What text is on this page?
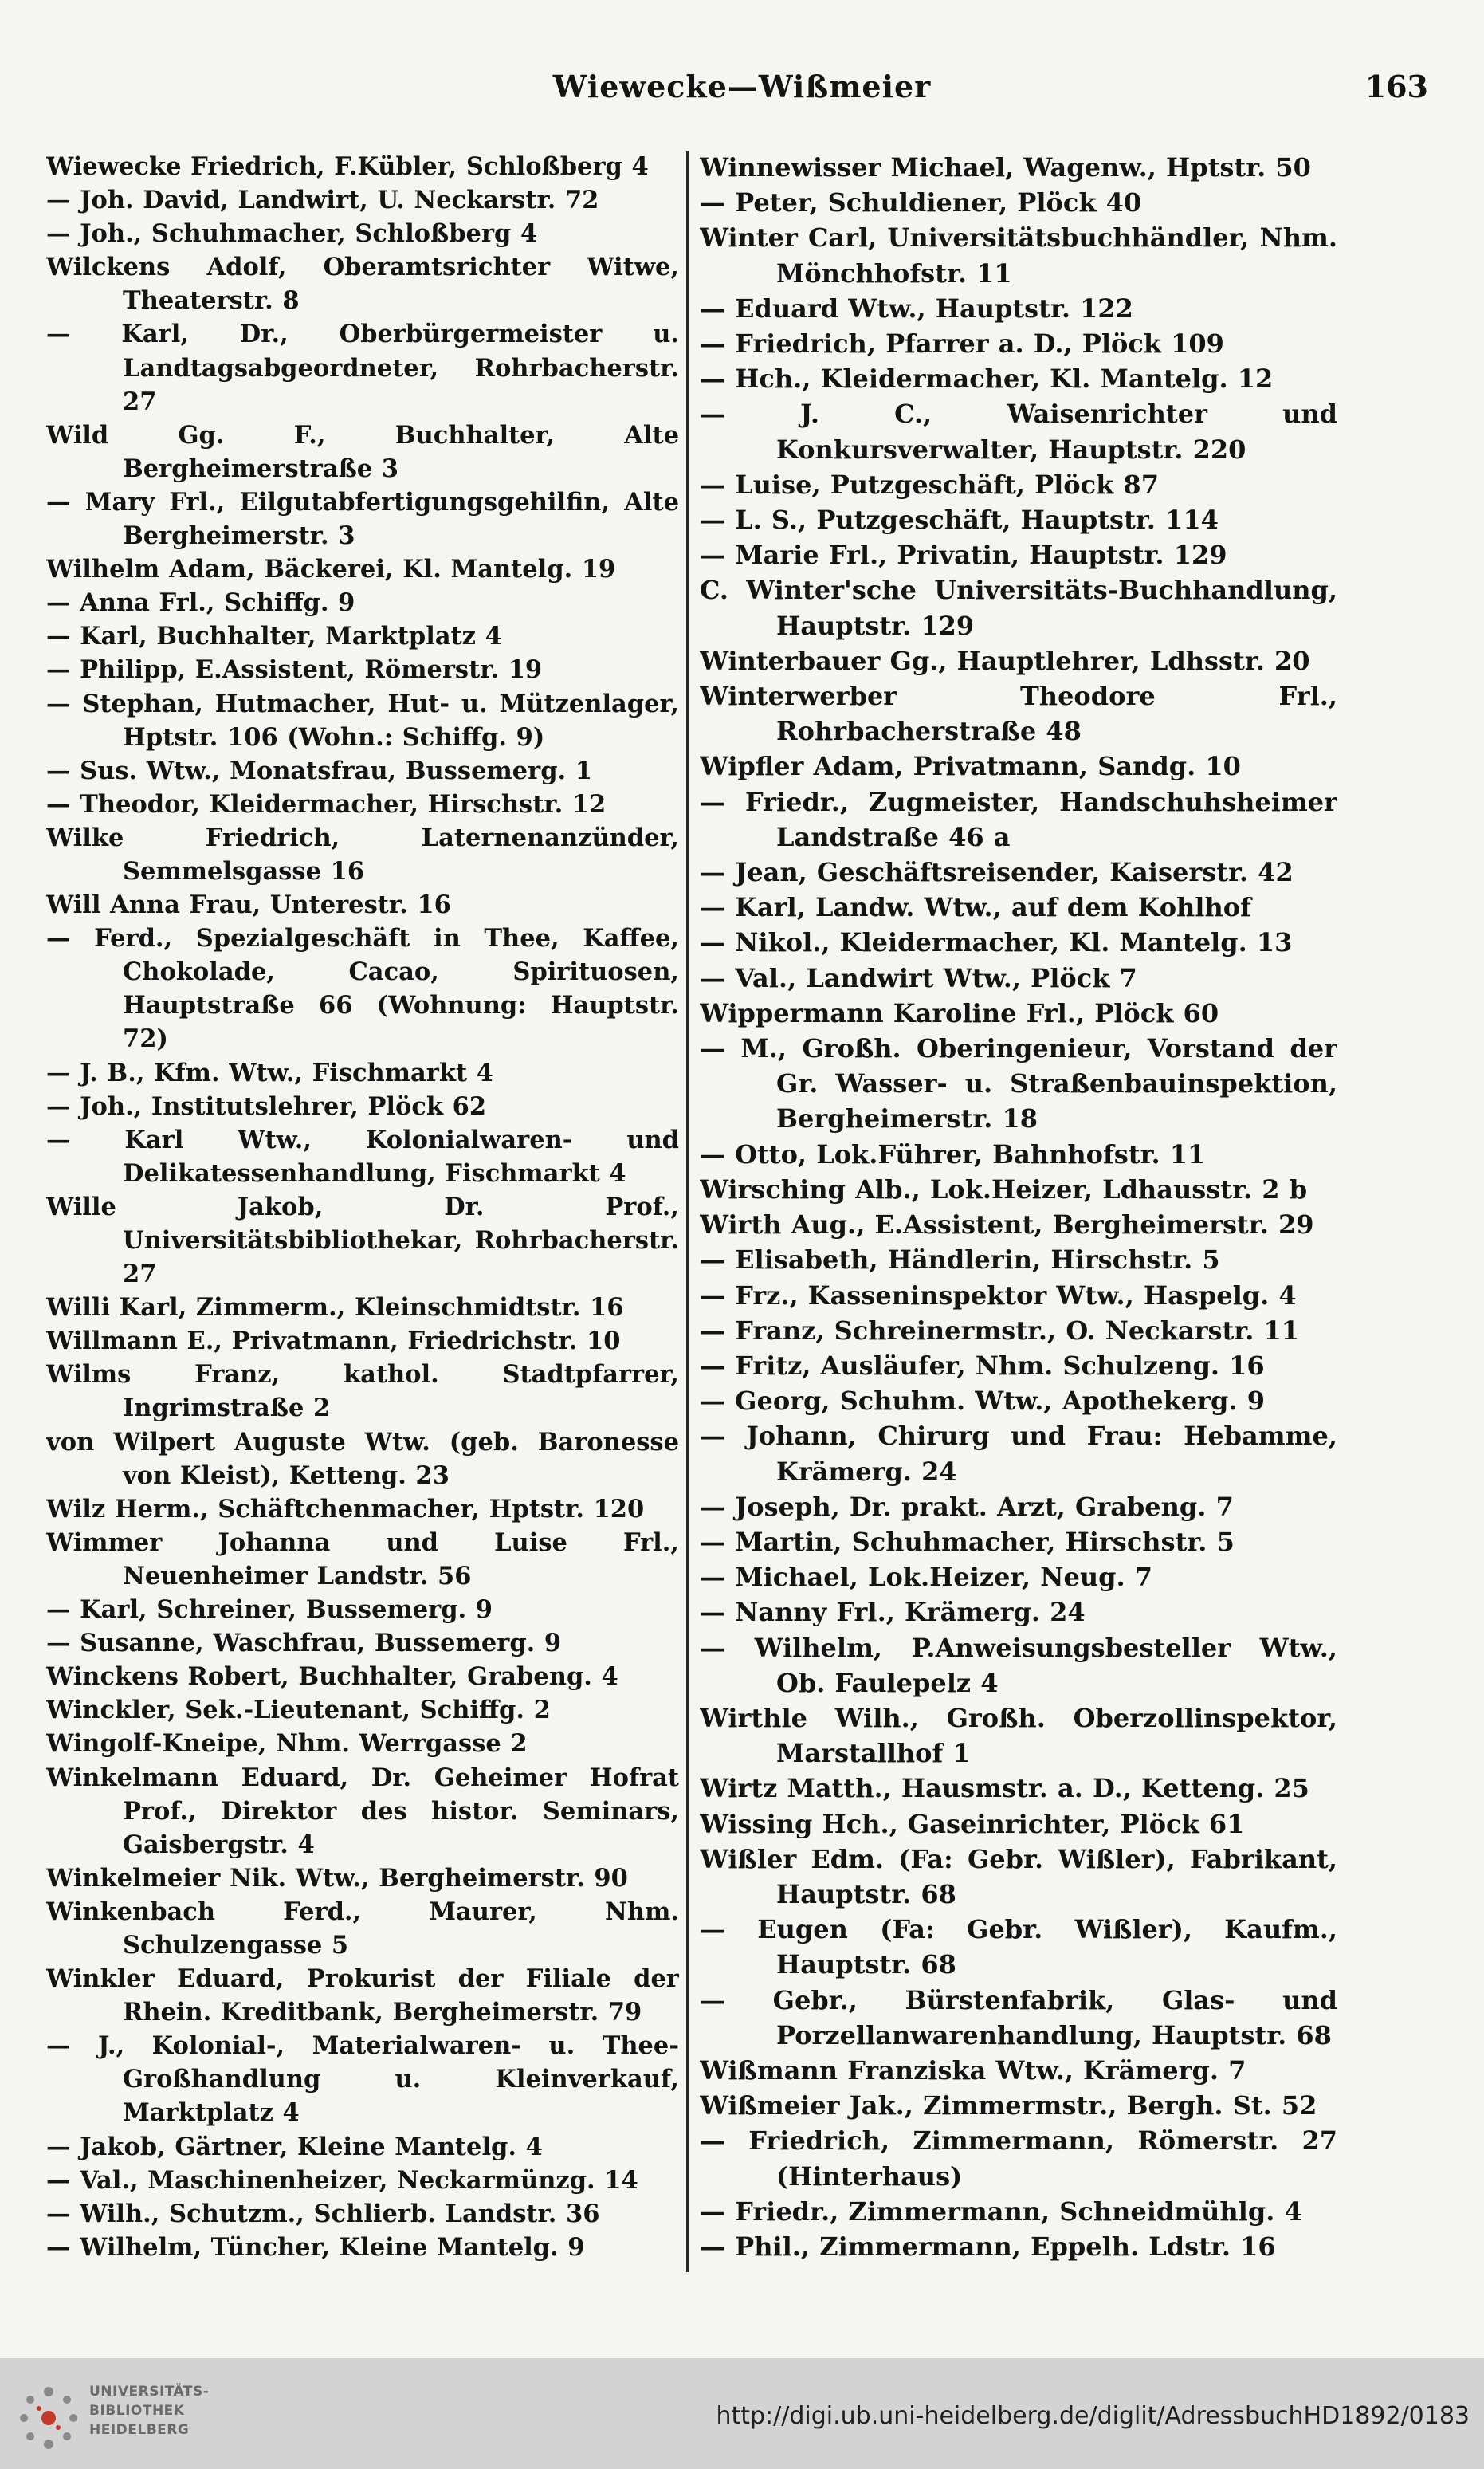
Wiewecke—Wißmeier	163
Wiewecke Friedrich, F.Kübler, Schloßberg 4
— Joh. David, Landwirt, U. Neckarstr. 72
— Joh., Schuhmacher, Schloßberg 4
Wilckens Adolf, Oberamtsrichter Witwe, Theaterstr. 8
— Karl, Dr., Oberbürgermeister u. Landtagsabgeordneter, Rohrbacherstr. 27
Wild Gg. F., Buchhalter, Alte Bergheimerstraße 3
— Mary Frl., Eilgutabfertigungsgehilfin, Alte Bergheimerstr. 3
Wilhelm Adam, Bäckerei, Kl. Mantelg. 19
— Anna Frl., Schiffg. 9
— Karl, Buchhalter, Marktplatz 4
— Philipp, E.Assistent, Römerstr. 19
— Stephan, Hutmacher, Hut- u. Mützenlager, Hptstr. 106 (Wohn.: Schiffg. 9)
— Sus. Wtw., Monatsfrau, Bussemerg. 1
— Theodor, Kleidermacher, Hirschstr. 12
Wilke Friedrich, Laternenanzünder, Semmelsgasse 16
Will Anna Frau, Unterestr. 16
— Ferd., Spezialgeschäft in Thee, Kaffee, Chokolade, Cacao, Spirituosen, Hauptstraße 66 (Wohnung: Hauptstr. 72)
— J. B., Kfm. Wtw., Fischmarkt 4
— Joh., Institutslehrer, Plöck 62
— Karl Wtw., Kolonialwaren- und Delikatessenhandlung, Fischmarkt 4
Wille Jakob, Dr. Prof., Universitätsbibliothekar, Rohrbacherstr. 27
Willi Karl, Zimmerm., Kleinschmidtstr. 16
Willmann E., Privatmann, Friedrichstr. 10
Wilms Franz, kathol. Stadtpfarrer, Ingrimstraße 2
von Wilpert Auguste Wtw. (geb. Baronesse von Kleist), Ketteng. 23
Wilz Herm., Schäftchenmacher, Hptstr. 120
Wimmer Johanna und Luise Frl., Neuenheimer Landstr. 56
— Karl, Schreiner, Bussemerg. 9
— Susanne, Waschfrau, Bussemerg. 9
Winckens Robert, Buchhalter, Grabeng. 4
Winckler, Sek.-Lieutenant, Schiffg. 2
Wingolf-Kneipe, Nhm. Werrgasse 2
Winkelmann Eduard, Dr. Geheimer Hofrat Prof., Direktor des histor. Seminars, Gaisbergstr. 4
Winkelmeier Nik. Wtw., Bergheimerstr. 90
Winkenbach Ferd., Maurer, Nhm. Schulzengasse 5
Winkler Eduard, Prokurist der Filiale der Rhein. Kreditbank, Bergheimerstr. 79
— J., Kolonial-, Materialwaren- u. Thee-Großhandlung u. Kleinverkauf, Marktplatz 4
— Jakob, Gärtner, Kleine Mantelg. 4
— Val., Maschinenheizer, Neckarmünzg. 14
— Wilh., Schutzm., Schlierb. Landstr. 36
— Wilhelm, Tüncher, Kleine Mantelg. 9
Winnewisser Michael, Wagenw., Hptstr. 50
— Peter, Schuldiener, Plöck 40
Winter Carl, Universitätsbuchhändler, Nhm. Mönchhofstr. 11
— Eduard Wtw., Hauptstr. 122
— Friedrich, Pfarrer a. D., Plöck 109
— Hch., Kleidermacher, Kl. Mantelg. 12
— J. C., Waisenrichter und Konkursverwalter, Hauptstr. 220
— Luise, Putzgeschäft, Plöck 87
— L. S., Putzgeschäft, Hauptstr. 114
— Marie Frl., Privatin, Hauptstr. 129
C. Winter'sche Universitäts-Buchhandlung, Hauptstr. 129
Winterbauer Gg., Hauptlehrer, Ldhsstr. 20
Winterwerber Theodore Frl., Rohrbacherstraße 48
Wipfler Adam, Privatmann, Sandg. 10
— Friedr., Zugmeister, Handschuhsheimer Landstraße 46 a
— Jean, Geschäftsreisender, Kaiserstr. 42
— Karl, Landw. Wtw., auf dem Kohlhof
— Nikol., Kleidermacher, Kl. Mantelg. 13
— Val., Landwirt Wtw., Plöck 7
Wippermann Karoline Frl., Plöck 60
— M., Großh. Oberingenieur, Vorstand der Gr. Wasser- u. Straßenbauinspektion, Bergheimerstr. 18
— Otto, Lok.Führer, Bahnhofstr. 11
Wirsching Alb., Lok.Heizer, Ldhausstr. 2 b
Wirth Aug., E.Assistent, Bergheimerstr. 29
— Elisabeth, Händlerin, Hirschstr. 5
— Frz., Kasseninspektor Wtw., Haspelg. 4
— Franz, Schreinermstr., O. Neckarstr. 11
— Fritz, Ausläufer, Nhm. Schulzeng. 16
— Georg, Schuhm. Wtw., Apothekerg. 9
— Johann, Chirurg und Frau: Hebamme, Krämerg. 24
— Joseph, Dr. prakt. Arzt, Grabeng. 7
— Martin, Schuhmacher, Hirschstr. 5
— Michael, Lok.Heizer, Neug. 7
— Nanny Frl., Krämerg. 24
— Wilhelm, P.Anweisungsbesteller Wtw., Ob. Faulepelz 4
Wirthle Wilh., Großh. Oberzollinspektor, Marstallhof 1
Wirtz Matth., Hausmstr. a. D., Ketteng. 25
Wissing Hch., Gaseinrichter, Plöck 61
Wißler Edm. (Fa: Gebr. Wißler), Fabrikant, Hauptstr. 68
— Eugen (Fa: Gebr. Wißler), Kaufm., Hauptstr. 68
— Gebr., Bürstenfabrik, Glas- und Porzellanwarenhandlung, Hauptstr. 68
Wißmann Franziska Wtw., Krämerg. 7
Wißmeier Jak., Zimmermstr., Bergh. St. 52
— Friedrich, Zimmermann, Römerstr. 27 (Hinterhaus)
— Friedr., Zimmermann, Schneidmühlg. 4
— Phil., Zimmermann, Eppelh. Ldstr. 16
UNIVERSITÄTS-
BIBLIOTHEK
HEIDELBERG	http://digi.ub.uni-heidelberg.de/diglit/AdressbuchHD1892/0183
